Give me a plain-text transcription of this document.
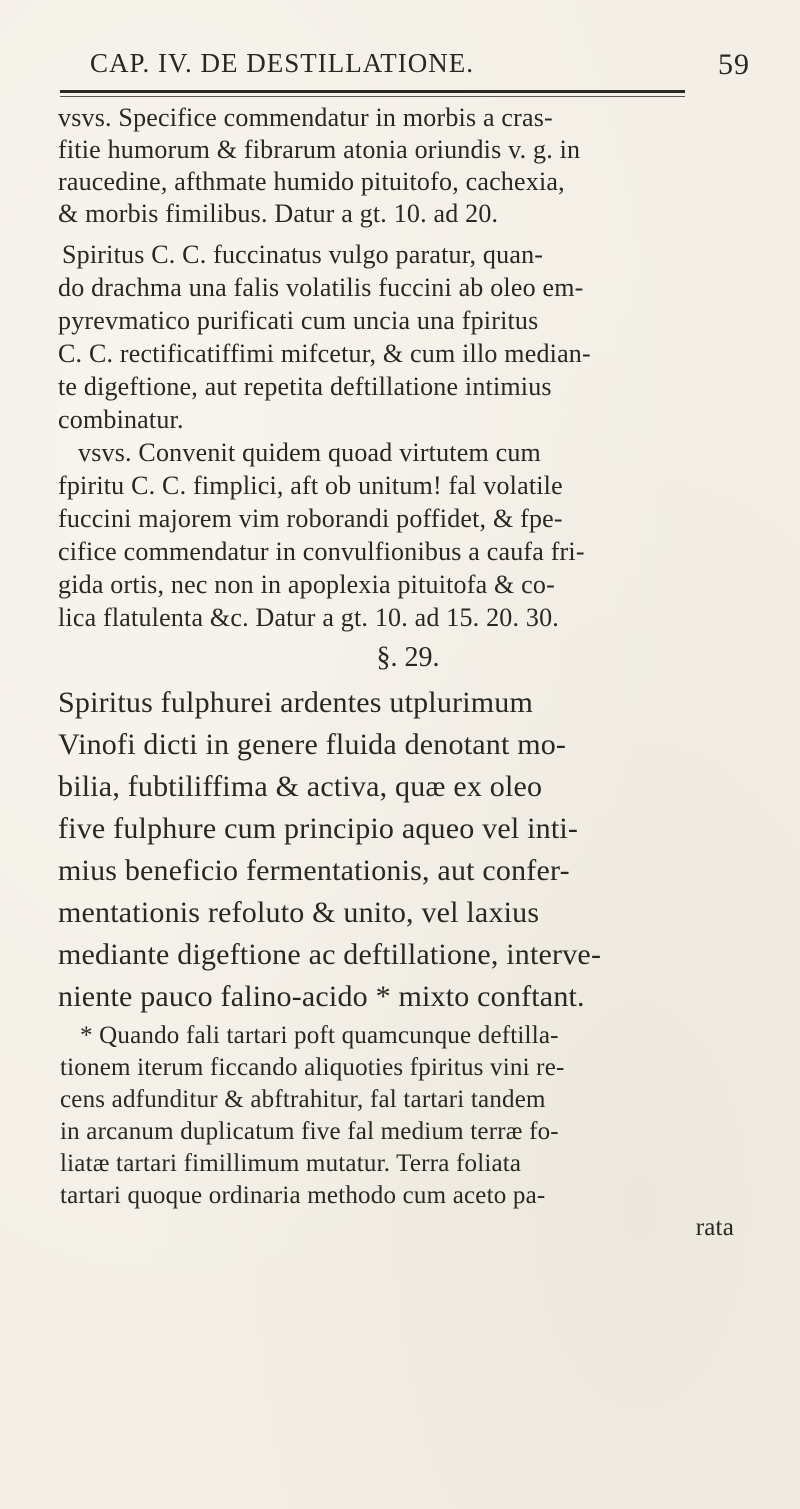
CAP. IV. DE DESTILLATIONE.	59
vsvs. Specifice commendatur in morbis a cras-
fitie humorum & fibrarum atonia oriundis v. g. in
raucedine, afthmate humido pituitofo, cachexia,
& morbis fimilibus. Datur a gt. 10. ad 20.
Spiritus C. C. fuccinatus vulgo paratur, quan-
do drachma una falis volatilis fuccini ab oleo em-
pyrevmatico purificati cum uncia una fpiritus
C. C. rectificatiffimi mifcetur, & cum illo median-
te digeftione, aut repetita deftillatione intimius
combinatur.
vsvs. Convenit quidem quoad virtutem cum
fpiritu C. C. fimplici, aft ob unitum! fal volatile
fuccini majorem vim roborandi poffidet, & fpe-
cifice commendatur in convulfionibus a caufa fri-
gida ortis, nec non in apoplexia pituitofa & co-
lica flatulenta &c. Datur a gt. 10. ad 15. 20. 30.
§. 29.
Spiritus fulphurei ardentes utplurimum
Vinofi dicti in genere fluida denotant mo-
bilia, fubtiliffima & activa, quæ ex oleo
five fulphure cum principio aqueo vel inti-
mius beneficio fermentationis, aut confer-
mentationis refoluto & unito, vel laxius
mediante digeftione ac deftillatione, interve-
niente pauco falino-acido * mixto conftant.
* Quando fali tartari poft quamcunque deftilla-
tionem iterum ficcando aliquoties fpiritus vini re-
cens adfunditur & abftrahitur, fal tartari tandem
in arcanum duplicatum five fal medium terræ fo-
liatæ tartari fimillimum mutatur. Terra foliata
tartari quoque ordinaria methodo cum aceto pa-
rata
